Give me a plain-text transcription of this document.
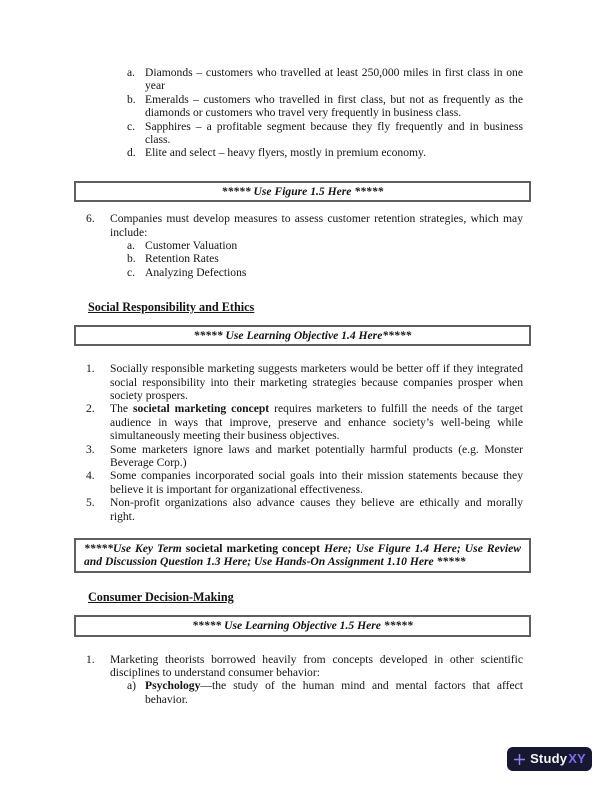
a. Diamonds – customers who travelled at least 250,000 miles in first class in one year
b. Emeralds – customers who travelled in first class, but not as frequently as the diamonds or customers who travel very frequently in business class.
c. Sapphires – a profitable segment because they fly frequently and in business class.
d. Elite and select – heavy flyers, mostly in premium economy.
***** Use Figure 1.5 Here *****
6. Companies must develop measures to assess customer retention strategies, which may include:
a. Customer Valuation
b. Retention Rates
c. Analyzing Defections
Social Responsibility and Ethics
***** Use Learning Objective 1.4 Here*****
1. Socially responsible marketing suggests marketers would be better off if they integrated social responsibility into their marketing strategies because companies prosper when society prospers.
2. The societal marketing concept requires marketers to fulfill the needs of the target audience in ways that improve, preserve and enhance society’s well-being while simultaneously meeting their business objectives.
3. Some marketers ignore laws and market potentially harmful products (e.g. Monster Beverage Corp.)
4. Some companies incorporated social goals into their mission statements because they believe it is important for organizational effectiveness.
5. Non-profit organizations also advance causes they believe are ethically and morally right.
*****Use Key Term societal marketing concept Here; Use Figure 1.4 Here; Use Review and Discussion Question 1.3 Here; Use Hands-On Assignment 1.10 Here *****
Consumer Decision-Making
***** Use Learning Objective 1.5 Here *****
1. Marketing theorists borrowed heavily from concepts developed in other scientific disciplines to understand consumer behavior:
a) Psychology—the study of the human mind and mental factors that affect behavior.
Study XY
